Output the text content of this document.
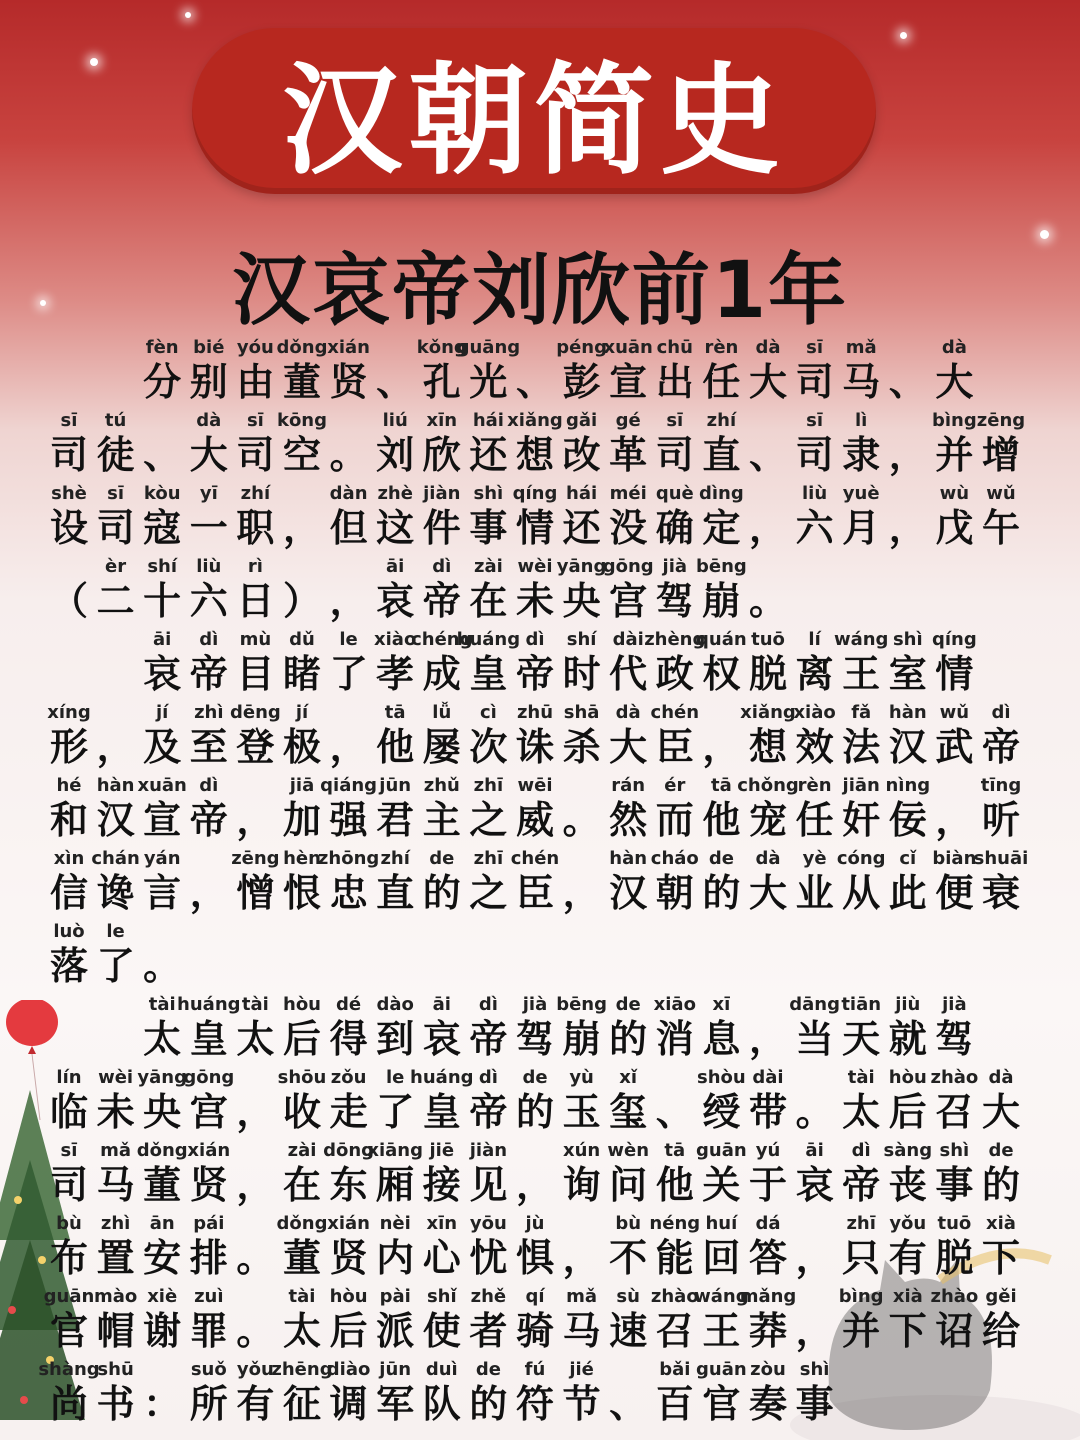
汉朝简史
汉哀帝刘欣前1年
fèn
分
bié
别
yóu
由
dǒng
董
xián
贤 、
kǒng
孔
guāng
光 、
péng
彭
xuān
宣
chū
出
rèn
任
dà
大
sī
司
mǎ
马 、
dà
大
sī
司
tú
徒 、
dà
大
sī
司
kōng
空 。
liú
刘
xīn
欣
hái
还
xiǎng
想
gǎi
改
gé
革
sī
司
zhí
直 、
sī
司
lì
隶 ，
bìng
并
zēng
增
shè
设
sī
司
kòu
寇
yī
一
zhí
职 ，
dàn
但
zhè
这
jiàn
件
shì
事
qíng
情
hái
还
méi
没
què
确
dìng
定 ，
liù
六
yuè
月 ，
wù
戊
wǔ
午
（
èr
二
shí
十
liù
六
rì
日 ） ，
āi
哀
dì
帝
zài
在
wèi
未
yāng
央
gōng
宫
jià
驾
bēng
崩 。
āi
哀
dì
帝
mù
目
dǔ
睹
le
了
xiào
孝
chéng
成
huáng
皇
dì
帝
shí
时
dài
代
zhèng
政
quán
权
tuō
脱
lí
离
wáng
王
shì
室
qíng
情
xíng
形 ，
jí
及
zhì
至
dēng
登
jí
极 ，
tā
他
lǚ
屡
cì
次
zhū
诛
shā
杀
dà
大
chén
臣 ，
xiǎng
想
xiào
效
fǎ
法
hàn
汉
wǔ
武
dì
帝
hé
和
hàn
汉
xuān
宣
dì
帝 ，
jiā
加
qiáng
强
jūn
君
zhǔ
主
zhī
之
wēi
威 。
rán
然
ér
而
tā
他
chǒng
宠
rèn
任
jiān
奸
nìng
佞 ，
tīng
听
xìn
信
chán
谗
yán
言 ，
zēng
憎
hèn
恨
zhōng
忠
zhí
直
de
的
zhī
之
chén
臣 ，
hàn
汉
cháo
朝
de
的
dà
大
yè
业
cóng
从
cǐ
此
biàn
便
shuāi
衰
luò
落
le
了 。
tài
太
huáng
皇
tài
太
hòu
后
dé
得
dào
到
āi
哀
dì
帝
jià
驾
bēng
崩
de
的
xiāo
消
xī
息 ，
dāng
当
tiān
天
jiù
就
jià
驾
lín
临
wèi
未
yāng
央
gōng
宫 ，
shōu
收
zǒu
走
le
了
huáng
皇
dì
帝
de
的
yù
玉
xǐ
玺 、
shòu
绶
dài
带 。
tài
太
hòu
后
zhào
召
dà
大
sī
司
mǎ
马
dǒng
董
xián
贤 ，
zài
在
dōng
东
xiāng
厢
jiē
接
jiàn
见 ，
xún
询
wèn
问
tā
他
guān
关
yú
于
āi
哀
dì
帝
sàng
丧
shì
事
de
的
bù
布
zhì
置
ān
安
pái
排 。
dǒng
董
xián
贤
nèi
内
xīn
心
yōu
忧
jù
惧 ，
bù
不
néng
能
huí
回
dá
答 ，
zhī
只
yǒu
有
tuō
脱
xià
下
guān
官
mào
帽
xiè
谢
zuì
罪 。
tài
太
hòu
后
pài
派
shǐ
使
zhě
者
qí
骑
mǎ
马
sù
速
zhào
召
wáng
王
mǎng
莽 ，
bìng
并
xià
下
zhào
诏
gěi
给
shàng
尚
shū
书 ：
suǒ
所
yǒu
有
zhēng
征
diào
调
jūn
军
duì
队
de
的
fú
符
jié
节 、
bǎi
百
guān
官
zòu
奏
shì
事
